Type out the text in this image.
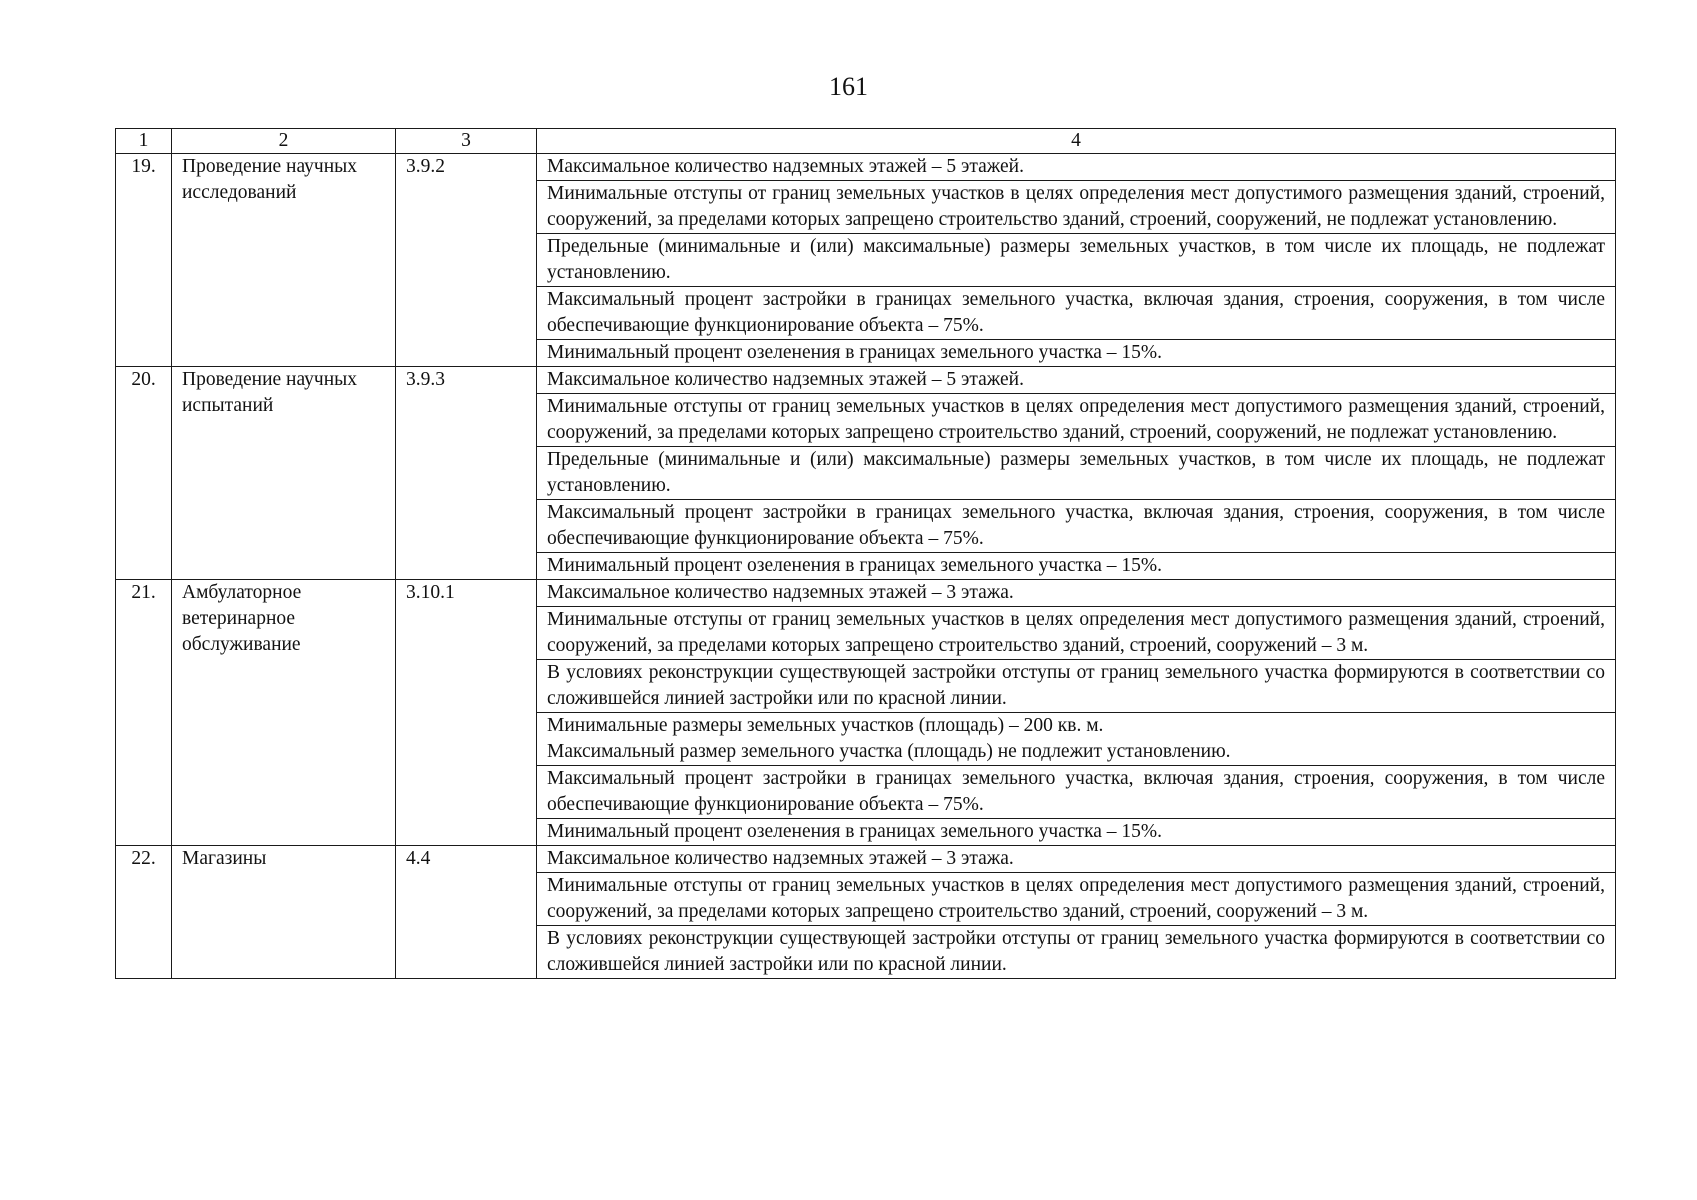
161
1	2	3	4
19.	Проведение научных исследований	3.9.2	Максимальное количество надземных этажей – 5 этажей.

			Минимальные отступы от границ земельных участков в целях определения мест допустимого размещения зданий, строений, сооружений, за пределами которых запрещено строительство зданий, строений, сооружений, не подлежат установлению.

			Предельные (минимальные и (или) максимальные) размеры земельных участков, в том числе их площадь, не подлежат установлению.

			Максимальный процент застройки в границах земельного участка, включая здания, строения, сооружения, в том числе обеспечивающие функционирование объекта – 75%.

			Минимальный процент озеленения в границах земельного участка – 15%.

20.	Проведение научных испытаний	3.9.3	Максимальное количество надземных этажей – 5 этажей.

			Минимальные отступы от границ земельных участков в целях определения мест допустимого размещения зданий, строений, сооружений, за пределами которых запрещено строительство зданий, строений, сооружений, не подлежат установлению.

			Предельные (минимальные и (или) максимальные) размеры земельных участков, в том числе их площадь, не подлежат установлению.

			Максимальный процент застройки в границах земельного участка, включая здания, строения, сооружения, в том числе обеспечивающие функционирование объекта – 75%.

			Минимальный процент озеленения в границах земельного участка – 15%.

21.	Амбулаторное ветеринарное обслуживание	3.10.1	Максимальное количество надземных этажей – 3 этажа.

			Минимальные отступы от границ земельных участков в целях определения мест допустимого размещения зданий, строений, сооружений, за пределами которых запрещено строительство зданий, строений, сооружений – 3 м.

			В условиях реконструкции существующей застройки отступы от границ земельного участка формируются в соответствии со сложившейся линией застройки или по красной линии.

			Минимальные размеры земельных участков (площадь) – 200 кв. м.
Максимальный размер земельного участка (площадь) не подлежит установлению.

			Максимальный процент застройки в границах земельного участка, включая здания, строения, сооружения, в том числе обеспечивающие функционирование объекта – 75%.

			Минимальный процент озеленения в границах земельного участка – 15%.

22.	Магазины	4.4	Максимальное количество надземных этажей – 3 этажа.

			Минимальные отступы от границ земельных участков в целях определения мест допустимого размещения зданий, строений, сооружений, за пределами которых запрещено строительство зданий, строений, сооружений – 3 м.

			В условиях реконструкции существующей застройки отступы от границ земельного участка формируются в соответствии со сложившейся линией застройки или по красной линии.
